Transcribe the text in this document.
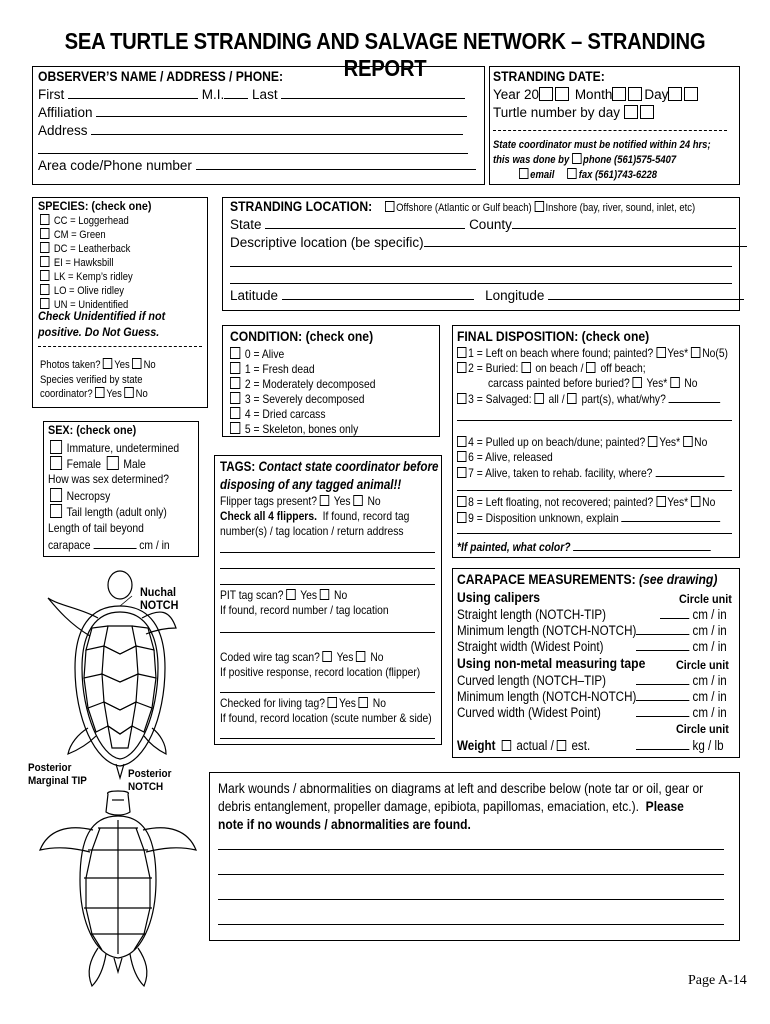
SEA TURTLE STRANDING AND SALVAGE NETWORK – STRANDING REPORT
OBSERVER’S NAME / ADDRESS / PHONE:
First	M.I. Last
Affiliation
Address
Area code/Phone number
STRANDING DATE:
Year 20	Month Day
Turtle number by day
State coordinator must be notified within 24 hrs;
this was done by phone (561)575-5407
email fax (561)743-6228
SPECIES: (check one)
CC = Loggerhead
CM = Green
DC = Leatherback
EI = Hawksbill
LK = Kemp’s ridley
LO = Olive ridley
UN = Unidentified
Check Unidentified if not
positive. Do Not Guess.
Photos taken? Yes No
Species verified by state
coordinator? Yes No
STRANDING LOCATION:	Offshore (Atlantic or Gulf beach) Inshore (bay, river, sound, inlet, etc)
State	County
Descriptive location (be specific)
Latitude	Longitude
CONDITION: (check one)
0 = Alive
1 = Fresh dead
2 = Moderately decomposed
3 = Severely decomposed
4 = Dried carcass
5 = Skeleton, bones only
FINAL DISPOSITION: (check one)
1 = Left on beach where found; painted? Yes* No(5)
2 = Buried: on beach / off beach;
carcass painted before buried? Yes* No
3 = Salvaged: all / part(s), what/why?
4 = Pulled up on beach/dune; painted? Yes* No
6 = Alive, released
7 = Alive, taken to rehab. facility, where?
8 = Left floating, not recovered; painted? Yes* No
9 = Disposition unknown, explain
*If painted, what color?
SEX: (check one)
Immature, undetermined
Female Male
How was sex determined?
Necropsy
Tail length (adult only)
Length of tail beyond
carapace	cm / in
TAGS: Contact state coordinator before
disposing of any tagged animal!!
Flipper tags present? Yes No
Check all 4 flippers. If found, record tag
number(s) / tag location / return address
PIT tag scan? Yes No
If found, record number / tag location
Coded wire tag scan? Yes No
If positive response, record location (flipper)
Checked for living tag? Yes No
If found, record location (scute number & side)
CARAPACE MEASUREMENTS: (see drawing)
Using calipers	Circle unit
Straight length (NOTCH-TIP)	cm / in
Minimum length (NOTCH-NOTCH)	cm / in
Straight width (Widest Point)	cm / in
Using non-metal measuring tape	Circle unit
Curved length (NOTCH–TIP)	cm / in
Minimum length (NOTCH-NOTCH)	cm / in
Curved width (Widest Point)	cm / in
Circle unit
Weight actual / est.	kg / lb
Mark wounds / abnormalities on diagrams at left and describe below (note tar or oil, gear or
debris entanglement, propeller damage, epibiota, papillomas, emaciation, etc.). Please
note if no wounds / abnormalities are found.
Nuchal
NOTCH
Posterior
Marginal TIP
Posterior
NOTCH
Page A-14
